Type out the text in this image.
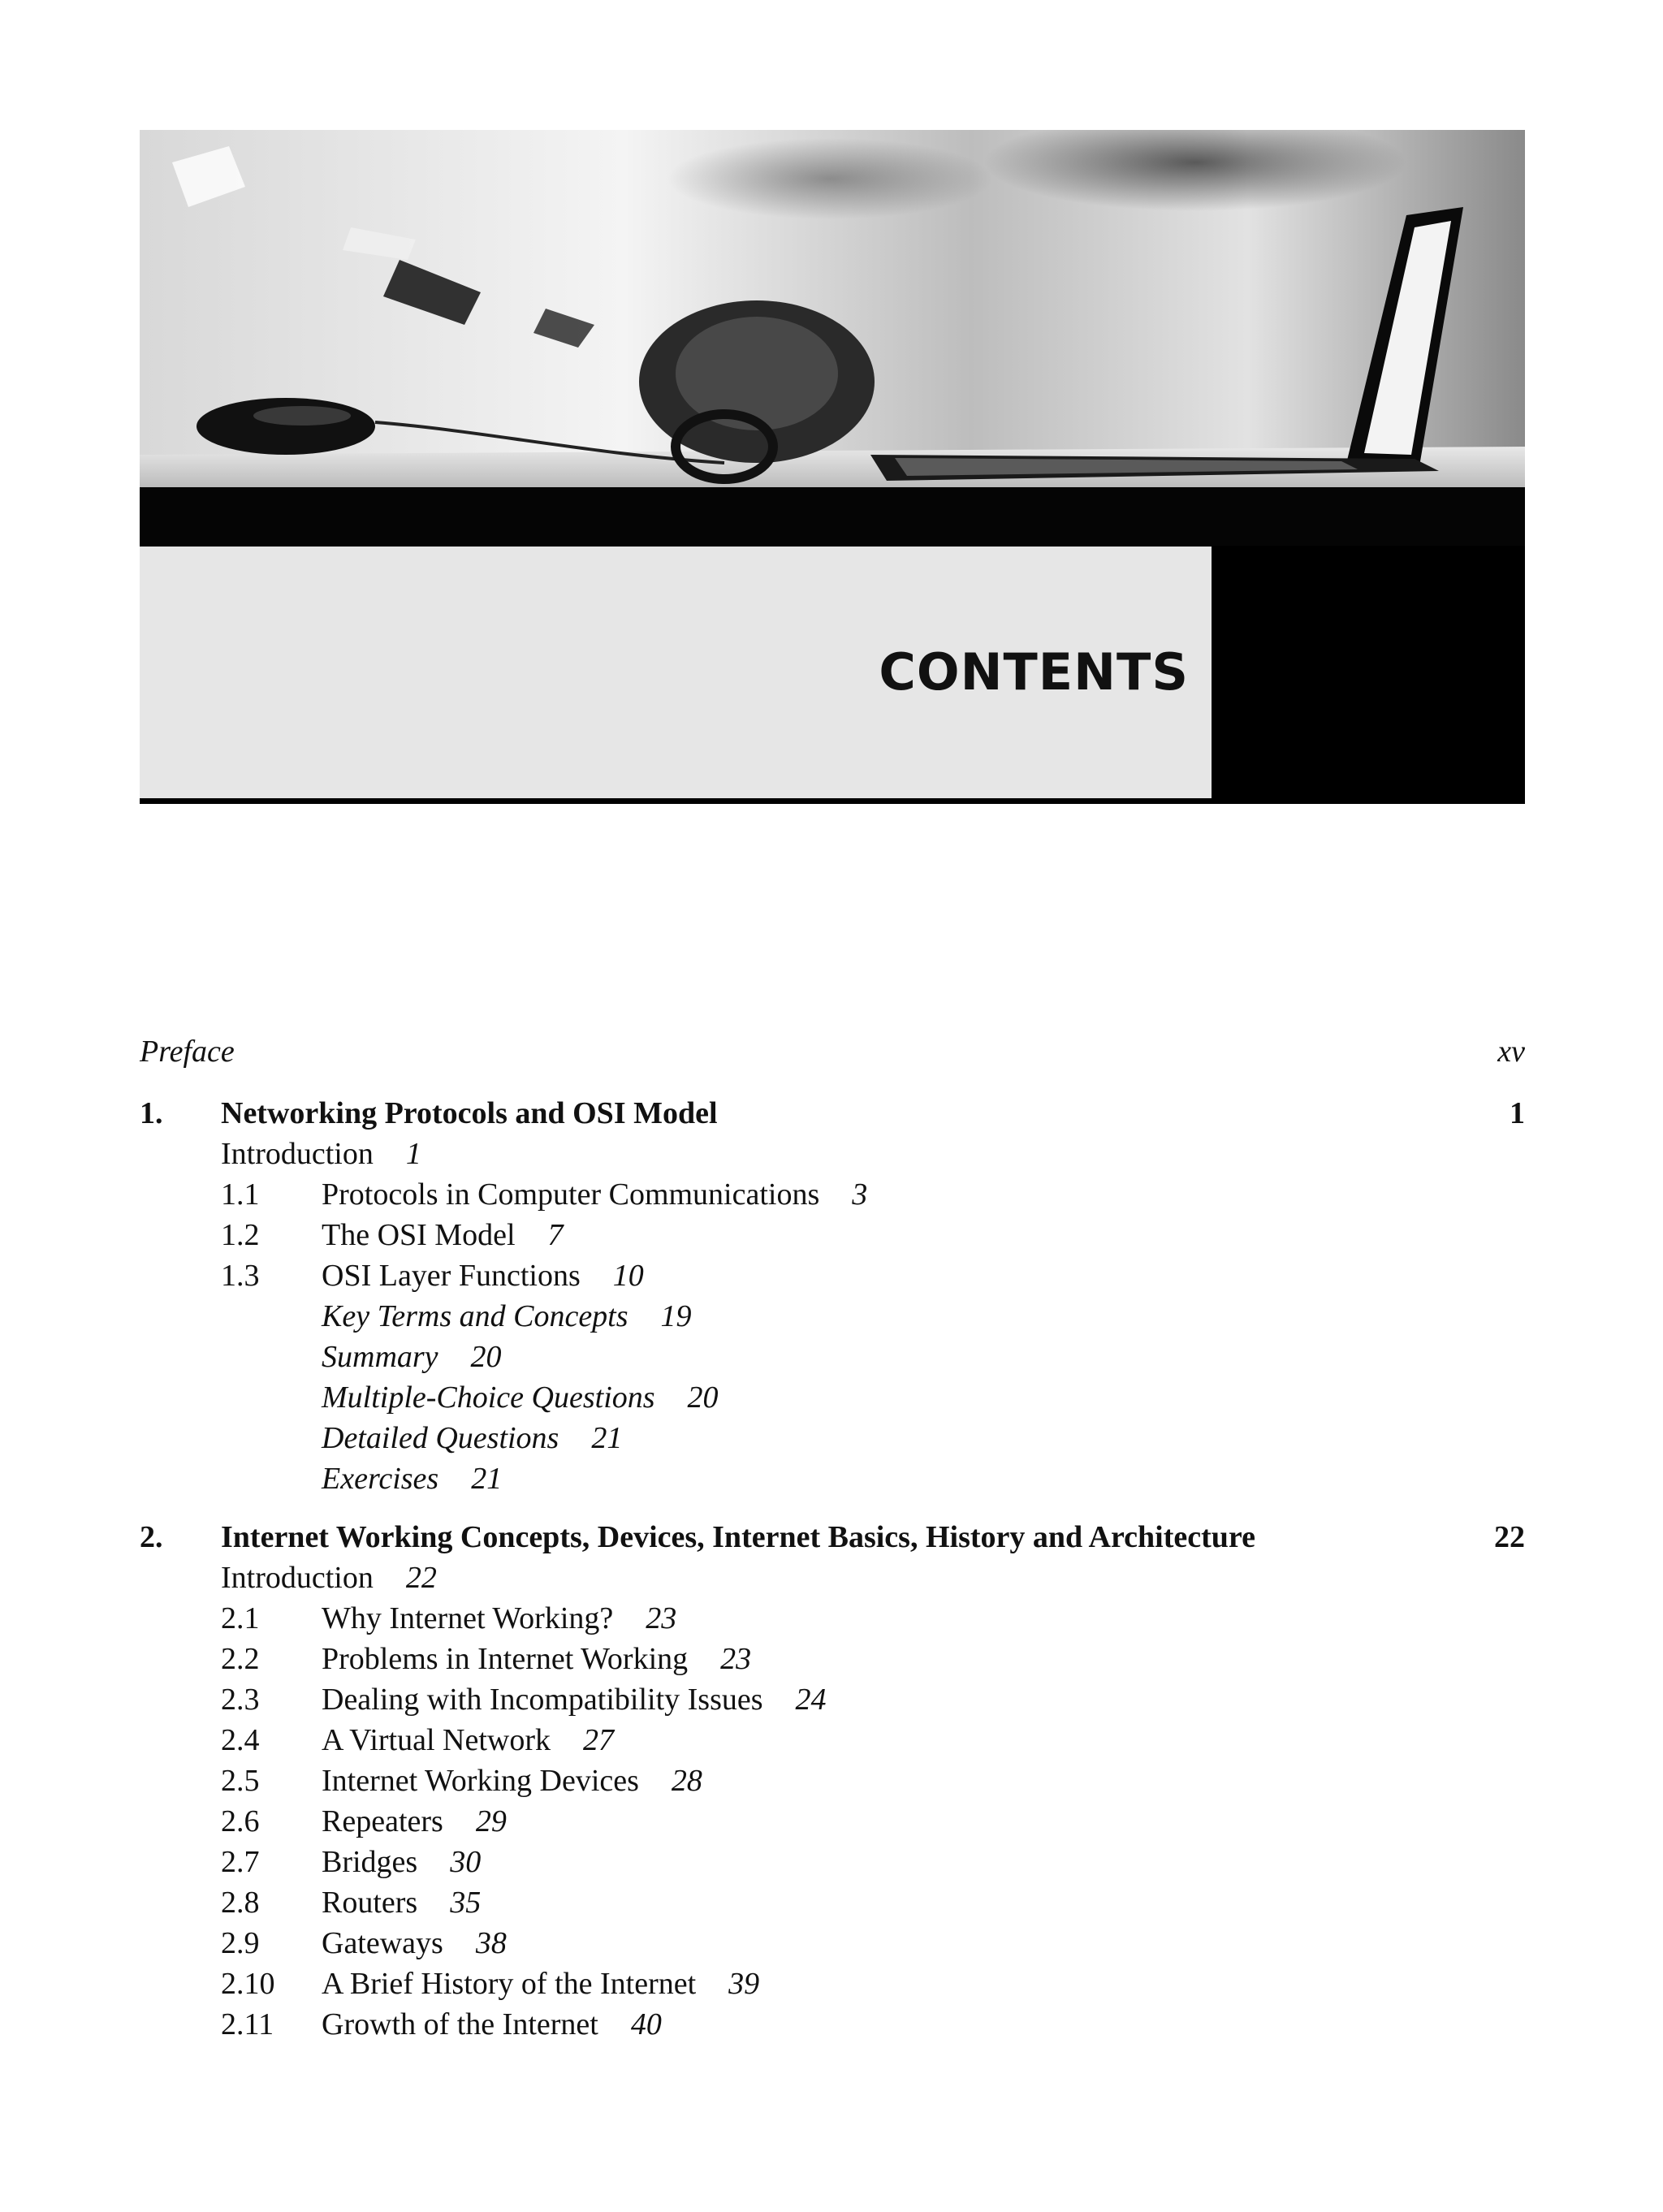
CONTENTS
Preface	xv
1. Networking Protocols and OSI Model	1
Introduction 1
1.1 Protocols in Computer Communications 3
1.2 The OSI Model 7
1.3 OSI Layer Functions 10
Key Terms and Concepts 19
Summary 20
Multiple-Choice Questions 20
Detailed Questions 21
Exercises 21
2. Internet Working Concepts, Devices, Internet Basics, History and Architecture	22
Introduction 22
2.1 Why Internet Working? 23
2.2 Problems in Internet Working 23
2.3 Dealing with Incompatibility Issues 24
2.4 A Virtual Network 27
2.5 Internet Working Devices 28
2.6 Repeaters 29
2.7 Bridges 30
2.8 Routers 35
2.9 Gateways 38
2.10 A Brief History of the Internet 39
2.11 Growth of the Internet 40
